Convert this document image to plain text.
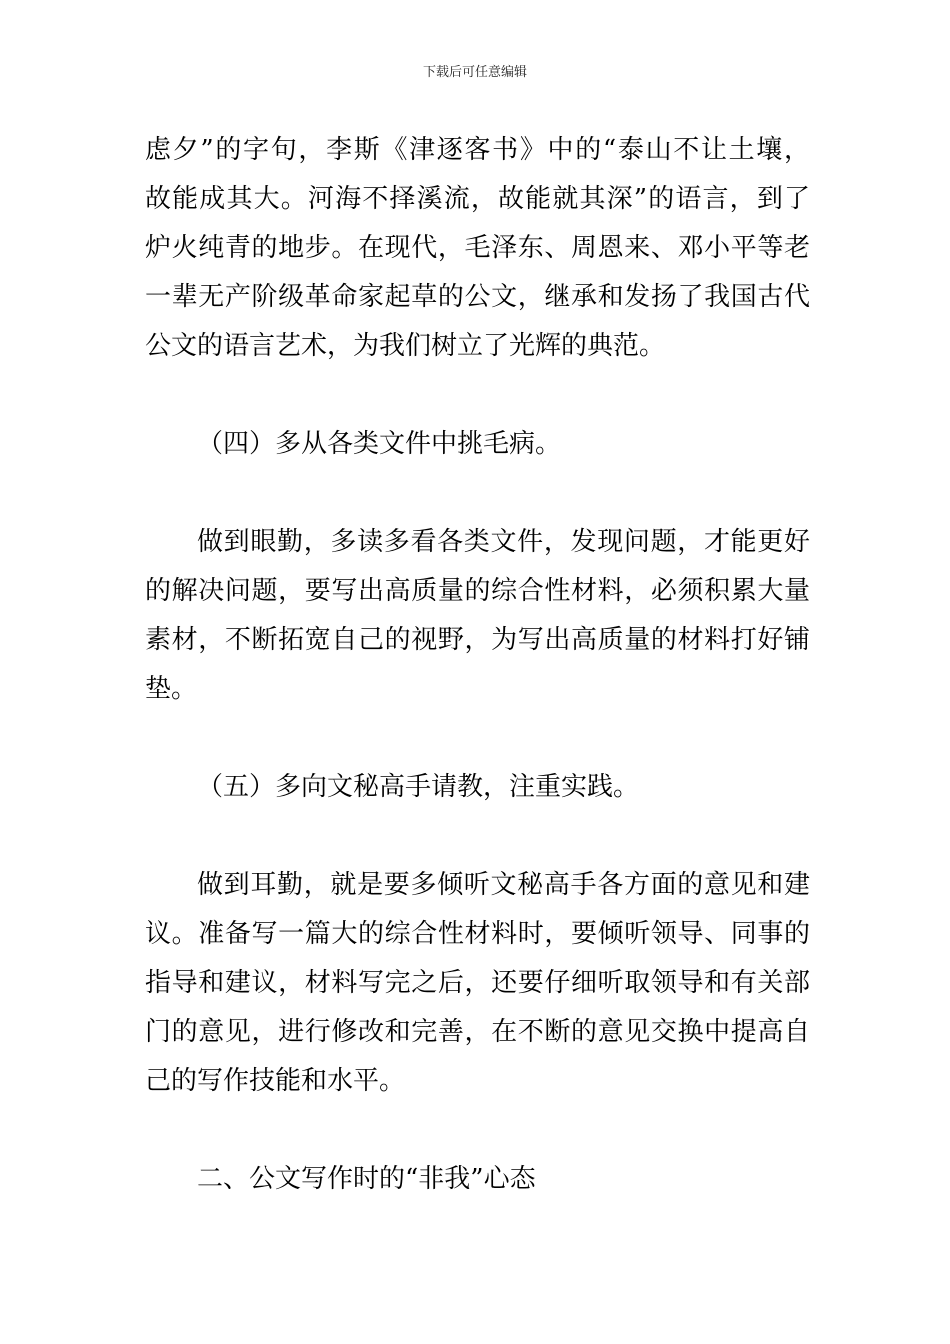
下载后可任意编辑
虑夕”的字句，李斯《津逐客书》中的“泰山不让土壤，
故能成其大。河海不择溪流，故能就其深”的语言，到了
炉火纯青的地步。在现代，毛泽东、周恩来、邓小平等老
一辈无产阶级革命家起草的公文，继承和发扬了我国古代
公文的语言艺术，为我们树立了光辉的典范。
（四）多从各类文件中挑毛病。
做到眼勤，多读多看各类文件，发现问题，才能更好
的解决问题，要写出高质量的综合性材料，必须积累大量
素材，不断拓宽自己的视野，为写出高质量的材料打好铺
垫。
（五）多向文秘高手请教，注重实践。
做到耳勤，就是要多倾听文秘高手各方面的意见和建
议。准备写一篇大的综合性材料时，要倾听领导、同事的
指导和建议，材料写完之后，还要仔细听取领导和有关部
门的意见，进行修改和完善，在不断的意见交换中提高自
己的写作技能和水平。
二、公文写作时的“非我”心态
